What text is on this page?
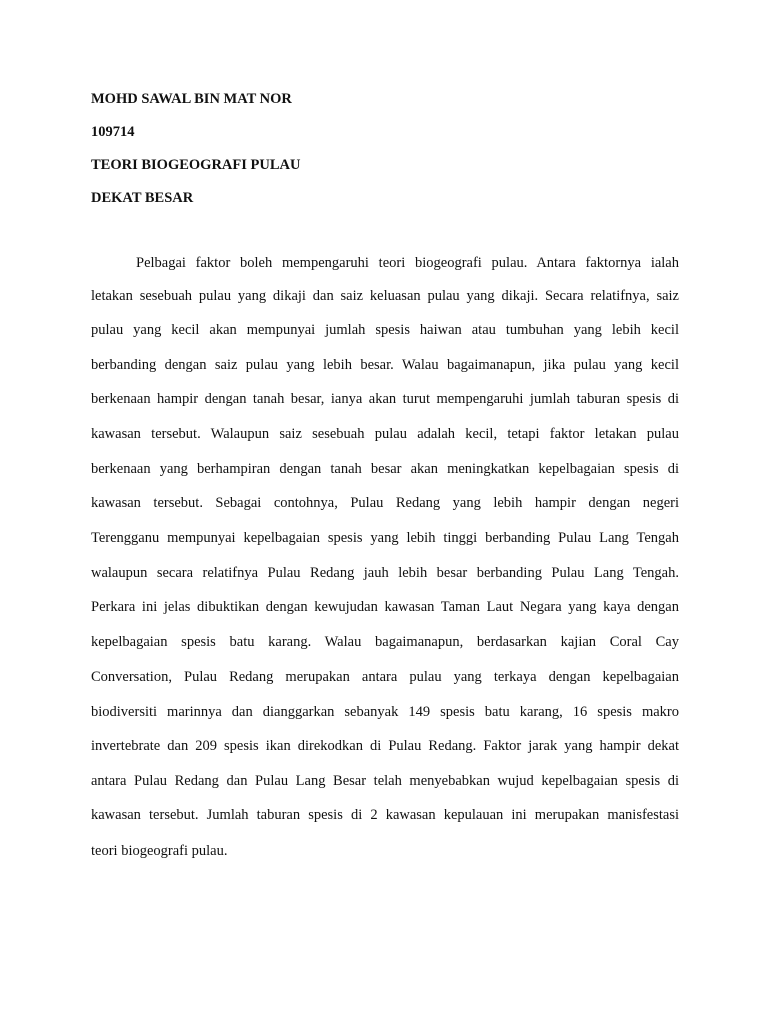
MOHD SAWAL BIN MAT NOR
109714
TEORI BIOGEOGRAFI PULAU
DEKAT BESAR
Pelbagai faktor boleh mempengaruhi teori biogeografi pulau. Antara faktornya ialah
letakan sesebuah pulau yang dikaji dan saiz keluasan pulau yang dikaji. Secara relatifnya, saiz
pulau yang kecil akan mempunyai jumlah spesis haiwan atau tumbuhan yang lebih kecil
berbanding dengan saiz pulau yang lebih besar. Walau bagaimanapun, jika pulau yang kecil
berkenaan hampir dengan tanah besar, ianya akan turut mempengaruhi jumlah taburan spesis di
kawasan tersebut. Walaupun saiz sesebuah pulau adalah kecil, tetapi faktor letakan pulau
berkenaan yang berhampiran dengan tanah besar akan meningkatkan kepelbagaian spesis di
kawasan tersebut. Sebagai contohnya, Pulau Redang yang lebih hampir dengan negeri
Terengganu mempunyai kepelbagaian spesis yang lebih tinggi berbanding Pulau Lang Tengah
walaupun secara relatifnya Pulau Redang jauh lebih besar berbanding Pulau Lang Tengah.
Perkara ini jelas dibuktikan dengan kewujudan kawasan Taman Laut Negara yang kaya dengan
kepelbagaian spesis batu karang. Walau bagaimanapun, berdasarkan kajian Coral Cay
Conversation, Pulau Redang merupakan antara pulau yang terkaya dengan kepelbagaian
biodiversiti marinnya dan dianggarkan sebanyak 149 spesis batu karang, 16 spesis makro
invertebrate dan 209 spesis ikan direkodkan di Pulau Redang. Faktor jarak yang hampir dekat
antara Pulau Redang dan Pulau Lang Besar telah menyebabkan wujud kepelbagaian spesis di
kawasan tersebut. Jumlah taburan spesis di 2 kawasan kepulauan ini merupakan manisfestasi
teori biogeografi pulau.
